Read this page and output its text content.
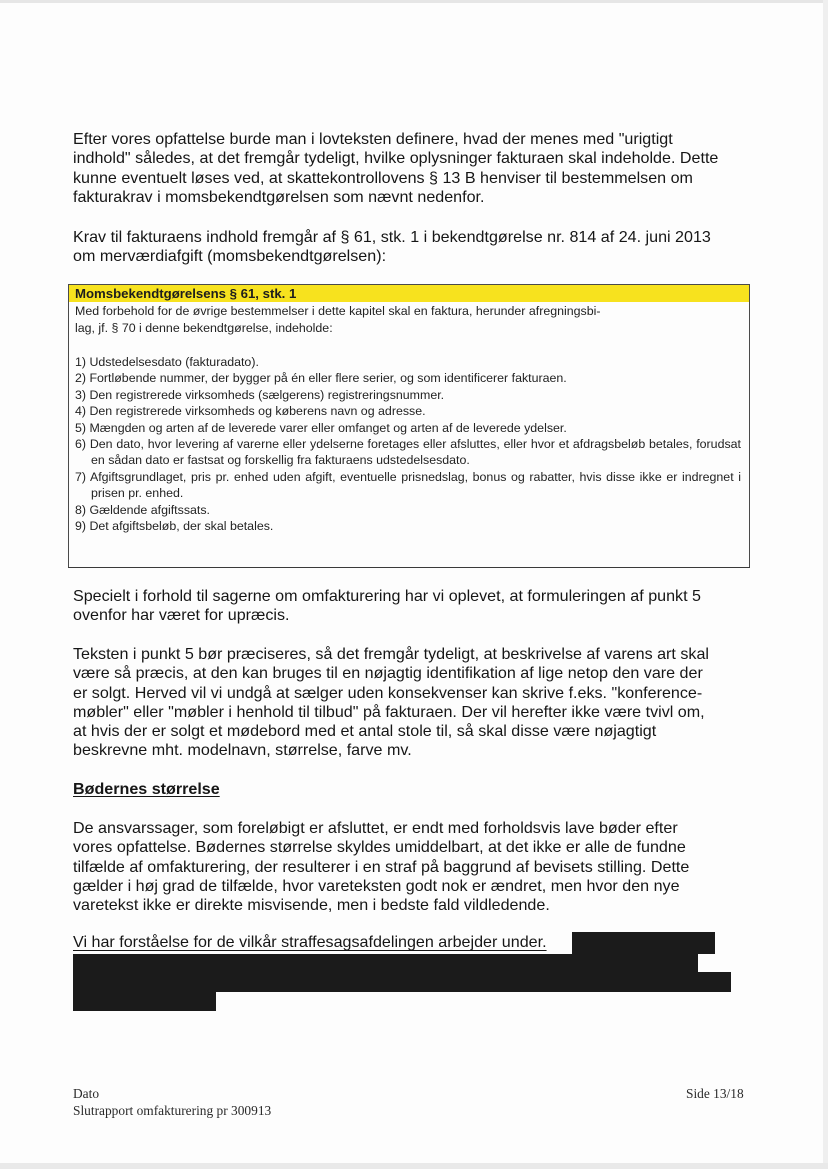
Efter vores opfattelse burde man i lovteksten definere, hvad der menes med "urigtigt
indhold" således, at det fremgår tydeligt, hvilke oplysninger fakturaen skal indeholde. Dette
kunne eventuelt løses ved, at skattekontrollovens § 13 B henviser til bestemmelsen om
fakturakrav i momsbekendtgørelsen som nævnt nedenfor.

Krav til fakturaens indhold fremgår af § 61, stk. 1 i bekendtgørelse nr. 814 af 24. juni 2013
om merværdiafgift (momsbekendtgørelsen):

Momsbekendtgørelsens § 61, stk. 1

Med forbehold for de øvrige bestemmelser i dette kapitel skal en faktura, herunder afregningsbi-
lag, jf. § 70 i denne bekendtgørelse, indeholde:

1) Udstedelsesdato (fakturadato).
2) Fortløbende nummer, der bygger på én eller flere serier, og som identificerer fakturaen.
3) Den registrerede virksomheds (sælgerens) registreringsnummer.
4) Den registrerede virksomheds og køberens navn og adresse.
5) Mængden og arten af de leverede varer eller omfanget og arten af de leverede ydelser.
6) Den dato, hvor levering af varerne eller ydelserne foretages eller afsluttes, eller hvor et afdragsbeløb betales, forudsat en sådan dato er fastsat og forskellig fra fakturaens udstedelsesdato.
7) Afgiftsgrundlaget, pris pr. enhed uden afgift, eventuelle prisnedslag, bonus og rabatter, hvis disse ikke er indregnet i prisen pr. enhed.
8) Gældende afgiftssats.
9) Det afgiftsbeløb, der skal betales.

Specielt i forhold til sagerne om omfakturering har vi oplevet, at formuleringen af punkt 5
ovenfor har været for upræcis.

Teksten i punkt 5 bør præciseres, så det fremgår tydeligt, at beskrivelse af varens art skal
være så præcis, at den kan bruges til en nøjagtig identifikation af lige netop den vare der
er solgt. Herved vil vi undgå at sælger uden konsekvenser kan skrive f.eks. "konference-
møbler" eller "møbler i henhold til tilbud" på fakturaen. Der vil herefter ikke være tvivl om,
at hvis der er solgt et mødebord med et antal stole til, så skal disse være nøjagtigt
beskrevne mht. modelnavn, størrelse, farve mv.

Bødernes størrelse

De ansvarssager, som foreløbigt er afsluttet, er endt med forholdsvis lave bøder efter
vores opfattelse. Bødernes størrelse skyldes umiddelbart, at det ikke er alle de fundne
tilfælde af omfakturering, der resulterer i en straf på baggrund af bevisets stilling. Dette
gælder i høj grad de tilfælde, hvor vareteksten godt nok er ændret, men hvor den nye
varetekst ikke er direkte misvisende, men i bedste fald vildledende.

Vi har forståelse for de vilkår straffesagsafdelingen arbejder under.

Dato

Slutrapport omfakturering pr 300913

Side 13/18
